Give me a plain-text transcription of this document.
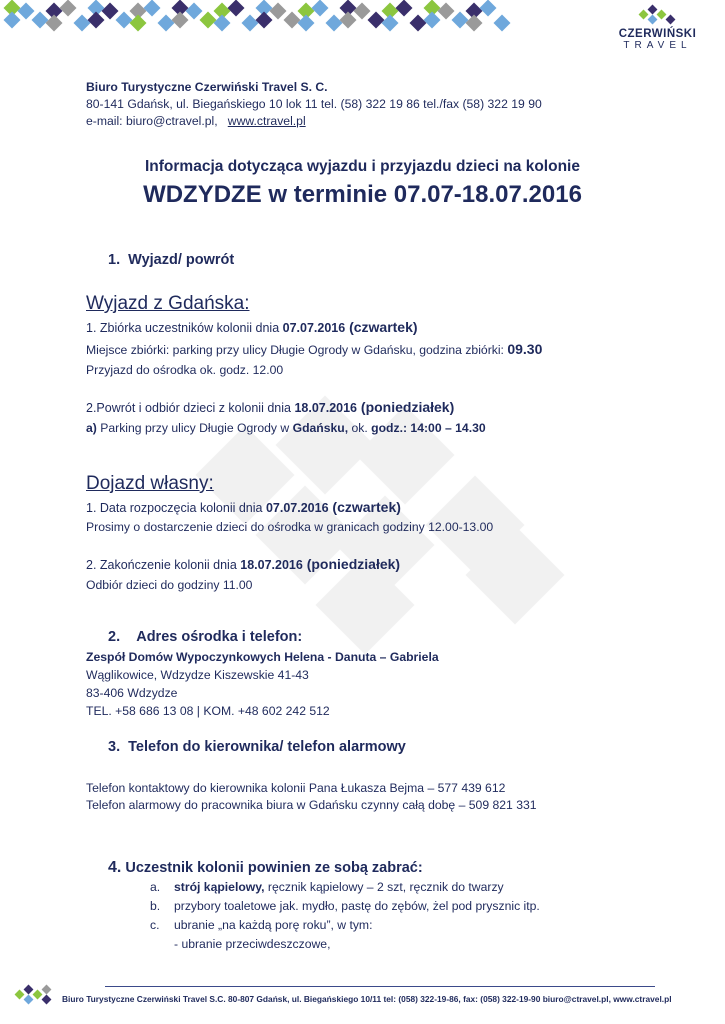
CZERWIŃSKI
TRAVEL
Biuro Turystyczne Czerwiński Travel S. C.
80-141 Gdańsk, ul. Biegańskiego 10 lok 11 tel. (58) 322 19 86 tel./fax (58) 322 19 90
e-mail: biuro@ctravel.pl, www.ctravel.pl
Informacja dotycząca wyjazdu i przyjazdu dzieci na kolonie
WDZYDZE w terminie 07.07-18.07.2016
1. Wyjazd/ powrót
Wyjazd z Gdańska:
1. Zbiórka uczestników kolonii dnia 07.07.2016 (czwartek)
Miejsce zbiórki: parking przy ulicy Długie Ogrody w Gdańsku, godzina zbiórki: 09.30
Przyjazd do ośrodka ok. godz. 12.00
2.Powrót i odbiór dzieci z kolonii dnia 18.07.2016 (poniedziałek)
a) Parking przy ulicy Długie Ogrody w Gdańsku, ok. godz.: 14:00 – 14.30
Dojazd własny:
1. Data rozpoczęcia kolonii dnia 07.07.2016 (czwartek)
Prosimy o dostarczenie dzieci do ośrodka w granicach godziny 12.00-13.00
2. Zakończenie kolonii dnia 18.07.2016 (poniedziałek)
Odbiór dzieci do godziny 11.00
2. Adres ośrodka i telefon:
Zespół Domów Wypoczynkowych Helena - Danuta – Gabriela
Wąglikowice, Wdzydze Kiszewskie 41-43
83-406 Wdzydze
TEL. +58 686 13 08 | KOM. +48 602 242 512
3. Telefon do kierownika/ telefon alarmowy
Telefon kontaktowy do kierownika kolonii Pana Łukasza Bejma – 577 439 612
Telefon alarmowy do pracownika biura w Gdańsku czynny całą dobę – 509 821 331
4. Uczestnik kolonii powinien ze sobą zabrać:
a.	strój kąpielowy, ręcznik kąpielowy – 2 szt, ręcznik do twarzy
b.	przybory toaletowe jak. mydło, pastę do zębów, żel pod prysznic itp.
c.	ubranie „na każdą porę roku”, w tym:
- ubranie przeciwdeszczowe,
Biuro Turystyczne Czerwiński Travel S.C. 80-807 Gdańsk, ul. Biegańskiego 10/11 tel: (058) 322-19-86, fax: (058) 322-19-90 biuro@ctravel.pl, www.ctravel.pl
